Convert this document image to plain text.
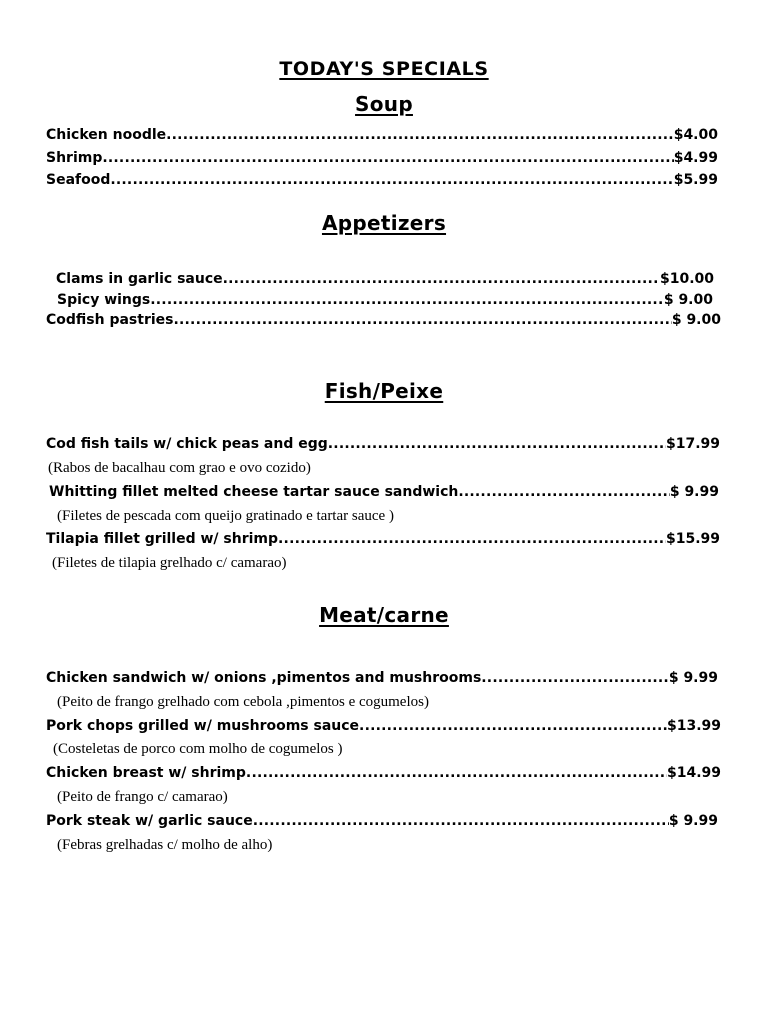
TODAY'S SPECIALS
Soup
Chicken noodle .....	$4.00
Shrimp .....	$4.99
Seafood .....	$5.99
Appetizers
Clams in garlic sauce .....	$10.00
Spicy wings .....	$ 9.00
Codfish pastries .....	$ 9.00
Fish/Peixe
Cod fish tails w/ chick peas and egg .....	$17.99
(Rabos de bacalhau com grao e ovo cozido)
Whitting fillet melted cheese tartar sauce sandwich .....	$ 9.99
(Filetes de pescada com queijo gratinado e tartar sauce )
Tilapia fillet grilled w/ shrimp .....	$15.99
(Filetes de tilapia grelhado c/ camarao)
Meat/carne
Chicken sandwich w/ onions ,pimentos and mushrooms .....	$ 9.99
(Peito de frango grelhado com cebola ,pimentos e cogumelos)
Pork chops grilled w/ mushrooms sauce .....	$13.99
(Costeletas de porco com molho de cogumelos )
Chicken breast w/ shrimp .....	$14.99
(Peito de frango c/ camarao)
Pork steak w/ garlic sauce .....	$ 9.99
(Febras grelhadas c/ molho de alho)
